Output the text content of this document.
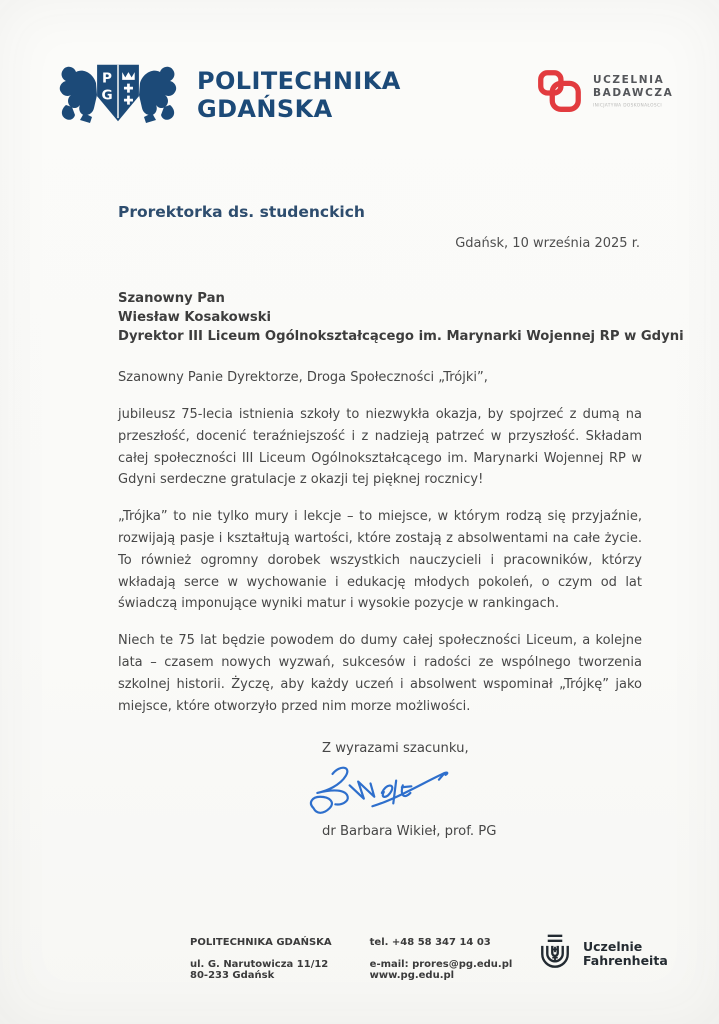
P
G
POLITECHNIKA
GDAŃSKA
UCZELNIA
BADAWCZA
INICJATYWA DOSKONAŁOŚCI
Prorektorka ds. studenckich
Gdańsk, 10 września 2025 r.
Szanowny Pan
Wiesław Kosakowski
Dyrektor III Liceum Ogólnokształcącego im. Marynarki Wojennej RP w Gdyni
Szanowny Panie Dyrektorze, Droga Społeczności „Trójki”,

jubileusz 75-lecia istnienia szkoły to niezwykła okazja, by spojrzeć z dumą na przeszłość, docenić teraźniejszość i z nadzieją patrzeć w przyszłość. Składam całej społeczności III Liceum Ogólnokształcącego im. Marynarki Wojennej RP w Gdyni serdeczne gratulacje z okazji tej pięknej rocznicy!

„Trójka” to nie tylko mury i lekcje – to miejsce, w którym rodzą się przyjaźnie, rozwijają pasje i kształtują wartości, które zostają z absolwentami na całe życie. To również ogromny dorobek wszystkich nauczycieli i pracowników, którzy wkładają serce w wychowanie i edukację młodych pokoleń, o czym od lat świadczą imponujące wyniki matur i wysokie pozycje w rankingach.

Niech te 75 lat będzie powodem do dumy całej społeczności Liceum, a kolejne lata – czasem nowych wyzwań, sukcesów i radości ze wspólnego tworzenia szkolnej historii. Życzę, aby każdy uczeń i absolwent wspominał „Trójkę” jako miejsce, które otworzyło przed nim morze możliwości.

Z wyrazami szacunku,
dr Barbara Wikieł, prof. PG
POLITECHNIKA GDAŃSKA
ul. G. Narutowicza 11/12
80-233 Gdańsk
tel. +48 58 347 14 03
e-mail: prores@pg.edu.pl
www.pg.edu.pl
Uczelnie
Fahrenheita
